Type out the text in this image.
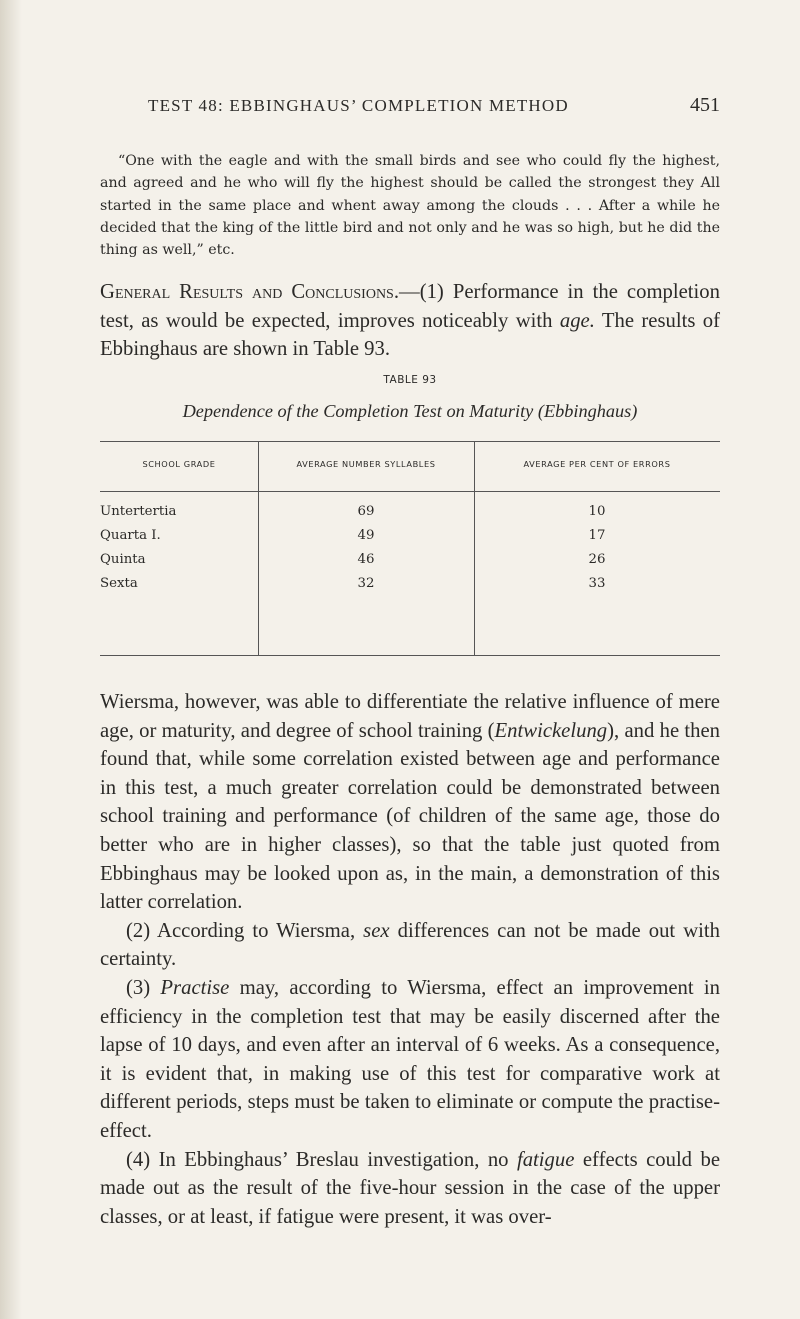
TEST 48: EBBINGHAUS’ COMPLETION METHOD	451
“One with the eagle and with the small birds and see who could fly the highest, and agreed and he who will fly the highest should be called the strongest they All started in the same place and whent away among the clouds . . . After a while he decided that the king of the little bird and not only and he was so high, but he did the thing as well,” etc.
General Results and Conclusions.—(1) Performance in the completion test, as would be expected, improves noticeably with age. The results of Ebbinghaus are shown in Table 93.
TABLE 93
Dependence of the Completion Test on Maturity (Ebbinghaus)
SCHOOL GRADE	AVERAGE NUMBER SYLLABLES	AVERAGE PER CENT OF ERRORS
Untertertia	69	10
Quarta I.	49	17
Quinta	46	26
Sexta	32	33

Wiersma, however, was able to differentiate the relative influence of mere age, or maturity, and degree of school training (Entwickelung), and he then found that, while some correlation existed between age and performance in this test, a much greater correlation could be demonstrated between school training and performance (of children of the same age, those do better who are in higher classes), so that the table just quoted from Ebbinghaus may be looked upon as, in the main, a demonstration of this latter correlation.

(2) According to Wiersma, sex differences can not be made out with certainty.

(3) Practise may, according to Wiersma, effect an improvement in efficiency in the completion test that may be easily discerned after the lapse of 10 days, and even after an interval of 6 weeks. As a consequence, it is evident that, in making use of this test for comparative work at different periods, steps must be taken to eliminate or compute the practise-effect.

(4) In Ebbinghaus’ Breslau investigation, no fatigue effects could be made out as the result of the five-hour session in the case of the upper classes, or at least, if fatigue were present, it was over-
